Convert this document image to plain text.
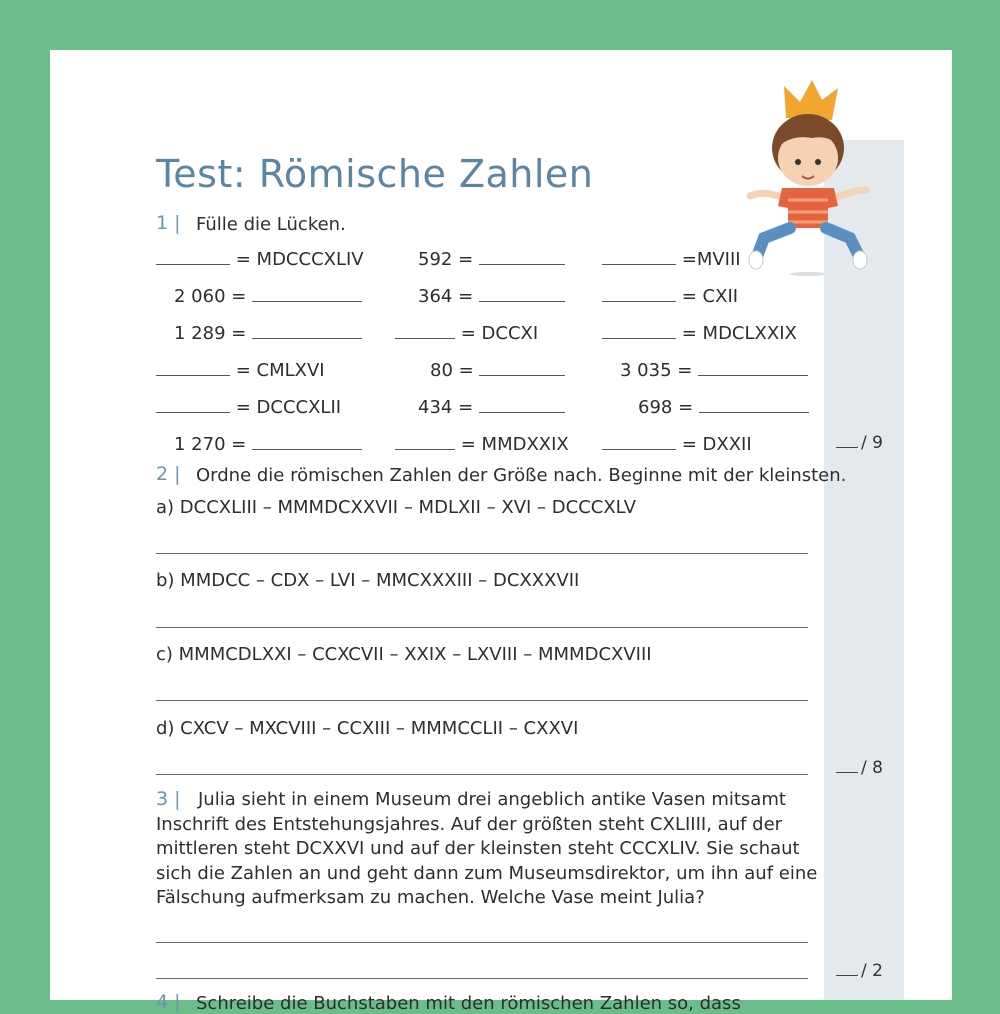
Test: Römische Zahlen
1 | Fülle die Lücken.
= MDCCCXLIV	592 =	=MVIII
2 060 =	364 =	= CXII
1 289 =	= DCCXI	= MDCLXXIX
= CMLXVI	80 =	3 035 =
= DCCCXLII	434 =	698 =
1 270 =	= MMDXXIX	= DXXII	/ 9
2 | Ordne die römischen Zahlen der Größe nach. Beginne mit der kleinsten.
a) DCCXLIII – MMMDCXXVII – MDLXII – XVI – DCCCXLV
b) MMDCC – CDX – LVI – MMCXXXIII – DCXXXVII
c) MMMCDLXXI – CCXCVII – XXIX – LXVIII – MMMDCXVIII
d) CXCV – MXCVIII – CCXIII – MMMCCLII – CXXVI
/ 8
3 | Julia sieht in einem Museum drei angeblich antike Vasen mitsamt Inschrift des Entstehungsjahres. Auf der größten steht CXLIIII, auf der mittleren steht DCXXVI und auf der kleinsten steht CCCXLIV. Sie schaut sich die Zahlen an und geht dann zum Museumsdirektor, um ihn auf eine Fälschung aufmerksam zu machen. Welche Vase meint Julia?
/ 2
4 | Schreibe die Buchstaben mit den römischen Zahlen so, dass
